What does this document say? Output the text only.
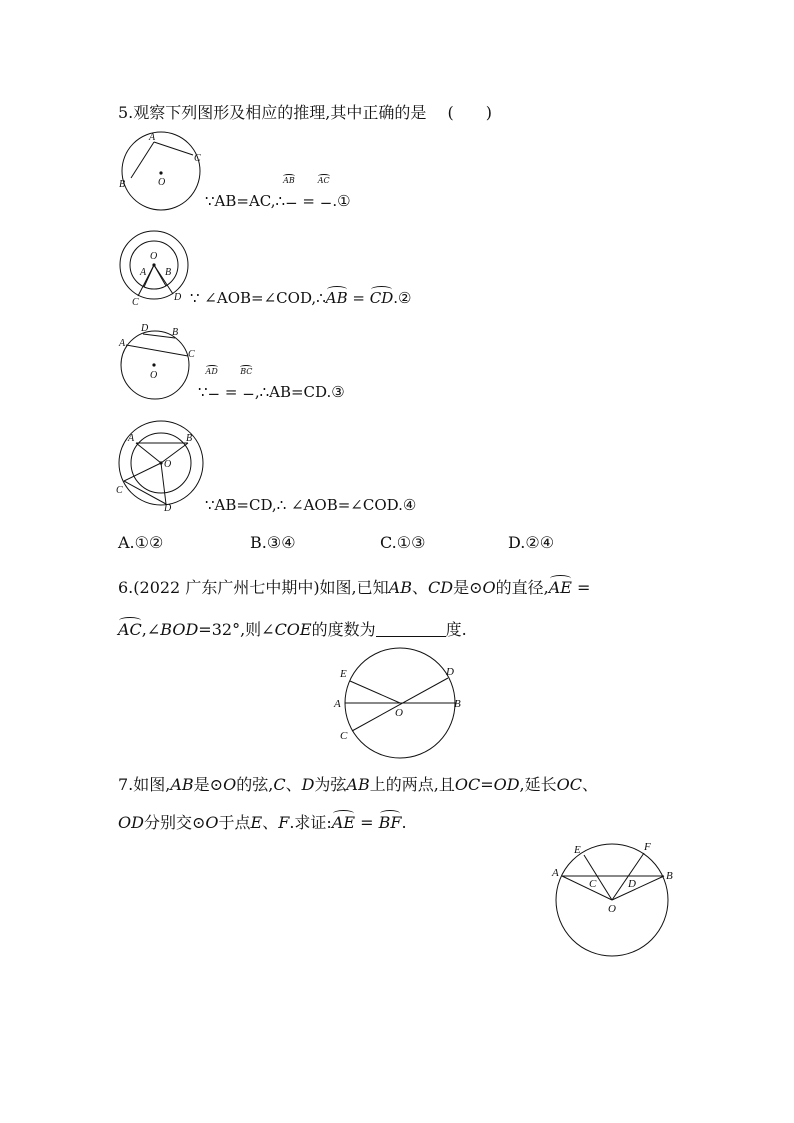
5.观察下列图形及相应的推理,其中正确的是 (　　)
A
C
B	O
∵AB=AC,∴
AB
− =
AC
−.①
O
A B
C	D ∵ ∠AOB=∠COD,∴AB = CD.②
D B
A
C
O
∵
AD
− =
BC
−,∴AB=CD.③
A	B
O
C
D ∵AB=CD,∴ ∠AOB=∠COD.④
A.①②	B.③④	C.①③	D.②④
6.(2022 广东广州七中期中)如图,已知AB、CD是⊙O的直径,AE =
AC,∠BOD=32°,则∠COE的度数为	度.
E	D
A
O
B
C
7.如图,AB是⊙O的弦,C、D为弦AB上的两点,且OC=OD,延长OC、
OD分别交⊙O于点E、F.求证:AE = BF.
E	F
A	B
C	D
O
